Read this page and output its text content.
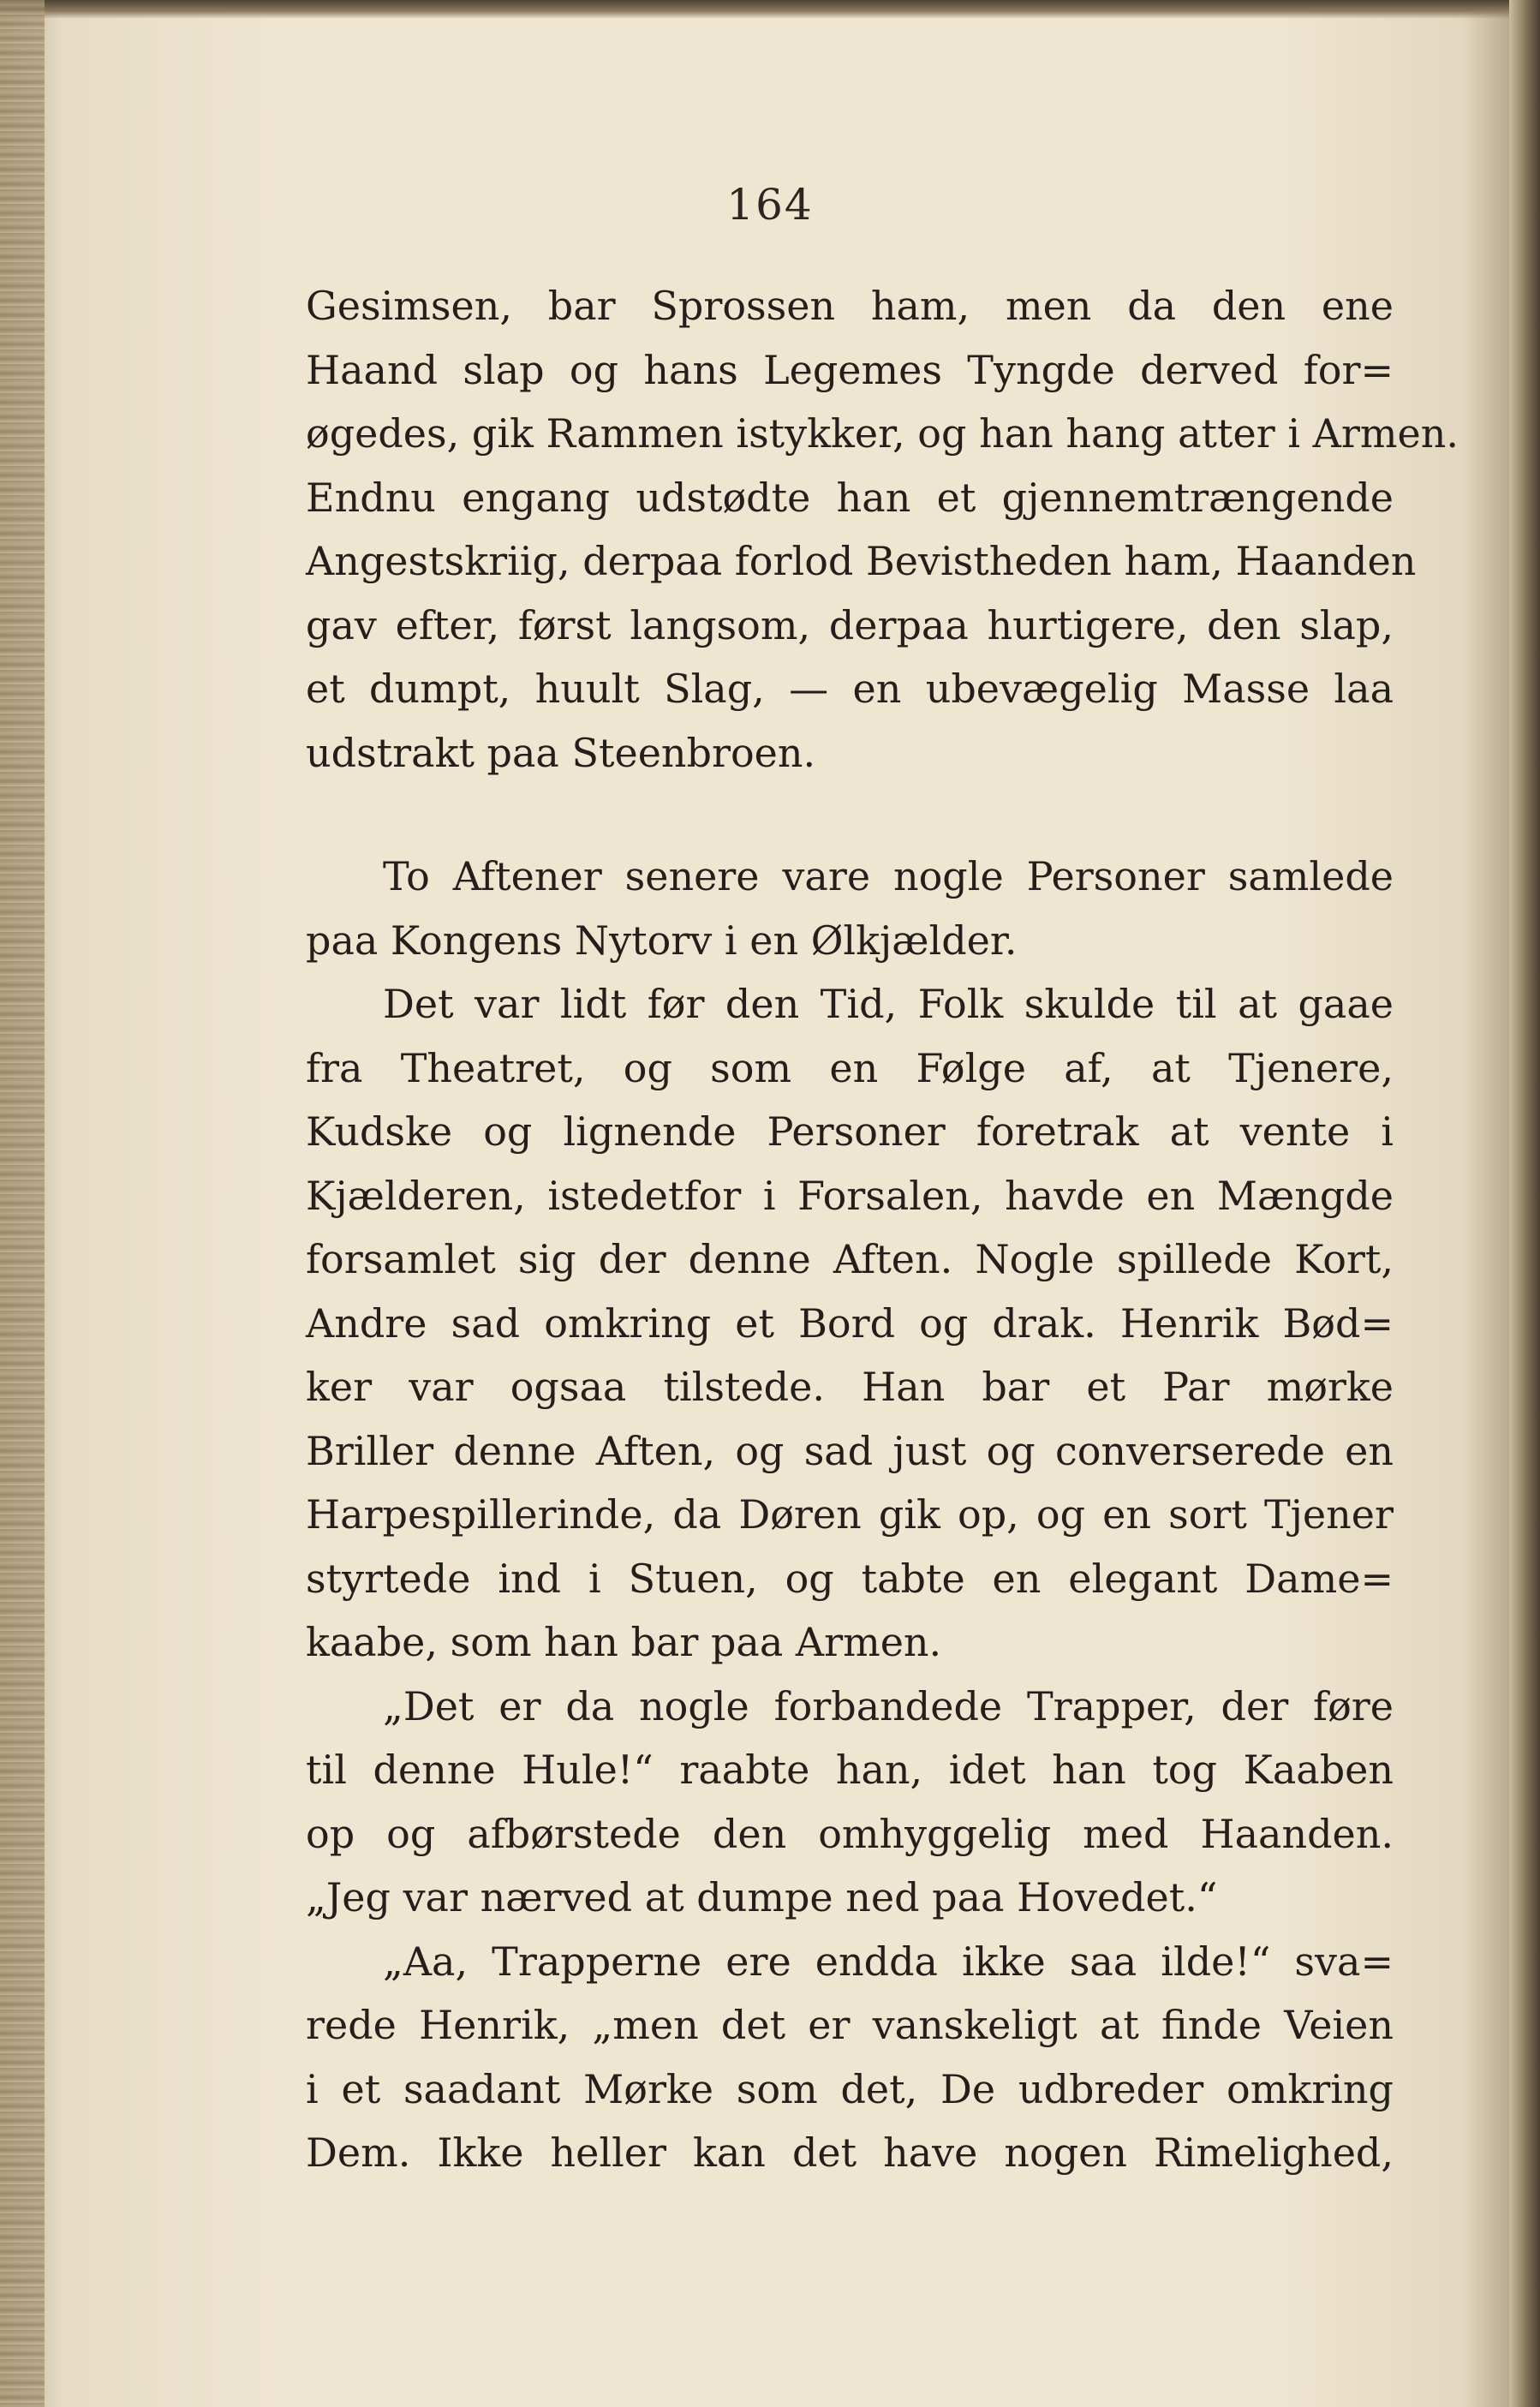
164
Gesimsen, bar Sprossen ham, men da den ene
Haand slap og hans Legemes Tyngde derved for=
øgedes, gik Rammen istykker, og han hang atter i Armen.
Endnu engang udstødte han et gjennemtrængende
Angestskriig, derpaa forlod Bevistheden ham, Haanden
gav efter, først langsom, derpaa hurtigere, den slap,
et dumpt, huult Slag, — en ubevægelig Masse laa
udstrakt paa Steenbroen.
To Aftener senere vare nogle Personer samlede
paa Kongens Nytorv i en Ølkjælder.
Det var lidt før den Tid, Folk skulde til at gaae
fra Theatret, og som en Følge af, at Tjenere,
Kudske og lignende Personer foretrak at vente i
Kjælderen, istedetfor i Forsalen, havde en Mængde
forsamlet sig der denne Aften. Nogle spillede Kort,
Andre sad omkring et Bord og drak. Henrik Bød=
ker var ogsaa tilstede. Han bar et Par mørke
Briller denne Aften, og sad just og converserede en
Harpespillerinde, da Døren gik op, og en sort Tjener
styrtede ind i Stuen, og tabte en elegant Dame=
kaabe, som han bar paa Armen.
„Det er da nogle forbandede Trapper, der føre
til denne Hule!“ raabte han, idet han tog Kaaben
op og afbørstede den omhyggelig med Haanden.
„Jeg var nærved at dumpe ned paa Hovedet.“
„Aa, Trapperne ere endda ikke saa ilde!“ sva=
rede Henrik, „men det er vanskeligt at finde Veien
i et saadant Mørke som det, De udbreder omkring
Dem. Ikke heller kan det have nogen Rimelighed,
